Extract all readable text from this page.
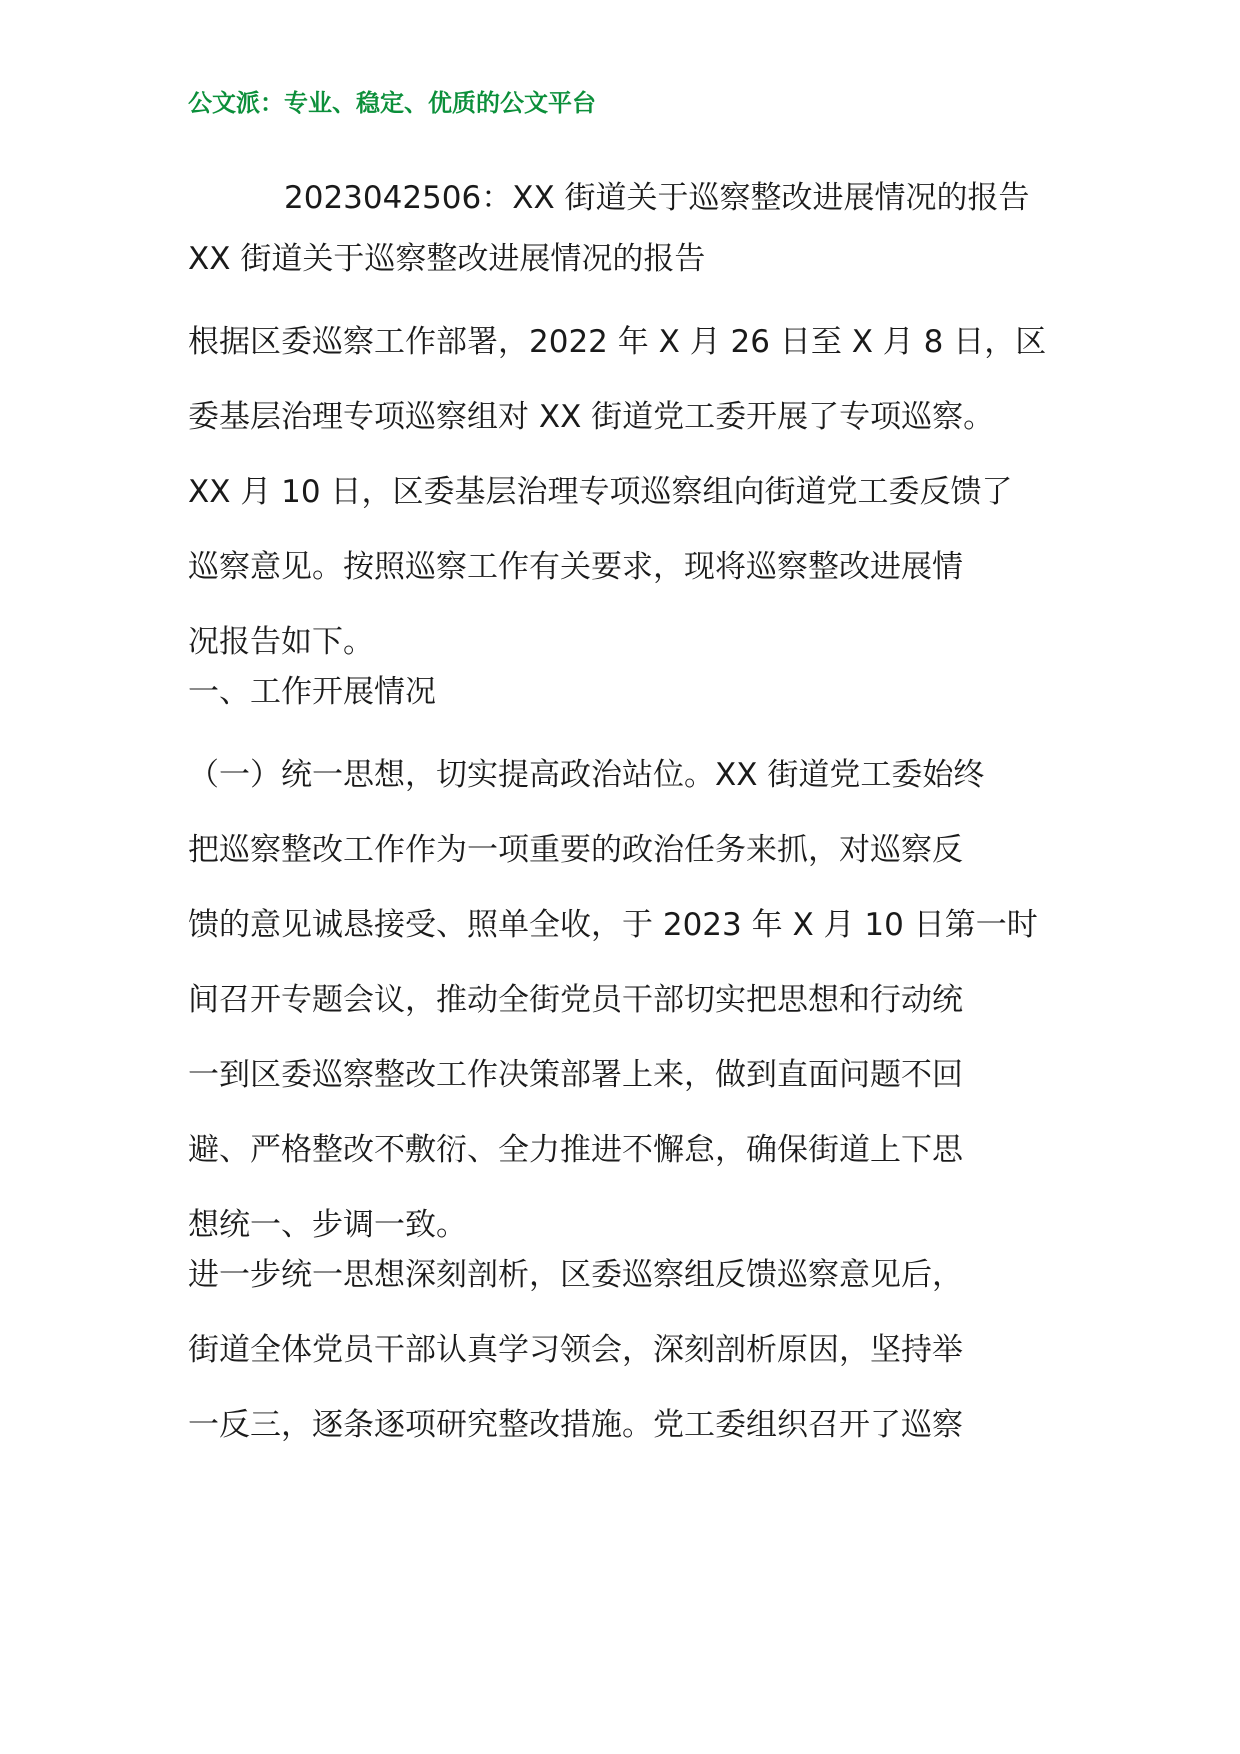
公文派：专业、稳定、优质的公文平台
2023042506：XX 街道关于巡察整改进展情况的报告
XX 街道关于巡察整改进展情况的报告
根据区委巡察工作部署，2022 年 X 月 26 日至 X 月 8 日，区
委基层治理专项巡察组对 XX 街道党工委开展了专项巡察。
XX 月 10 日，区委基层治理专项巡察组向街道党工委反馈了
巡察意见。按照巡察工作有关要求，现将巡察整改进展情
况报告如下。
一、工作开展情况
（一）统一思想，切实提高政治站位。XX 街道党工委始终
把巡察整改工作作为一项重要的政治任务来抓，对巡察反
馈的意见诚恳接受、照单全收，于 2023 年 X 月 10 日第一时
间召开专题会议，推动全街党员干部切实把思想和行动统
一到区委巡察整改工作决策部署上来，做到直面问题不回
避、严格整改不敷衍、全力推进不懈怠，确保街道上下思
想统一、步调一致。
进一步统一思想深刻剖析，区委巡察组反馈巡察意见后，
街道全体党员干部认真学习领会，深刻剖析原因，坚持举
一反三，逐条逐项研究整改措施。党工委组织召开了巡察
